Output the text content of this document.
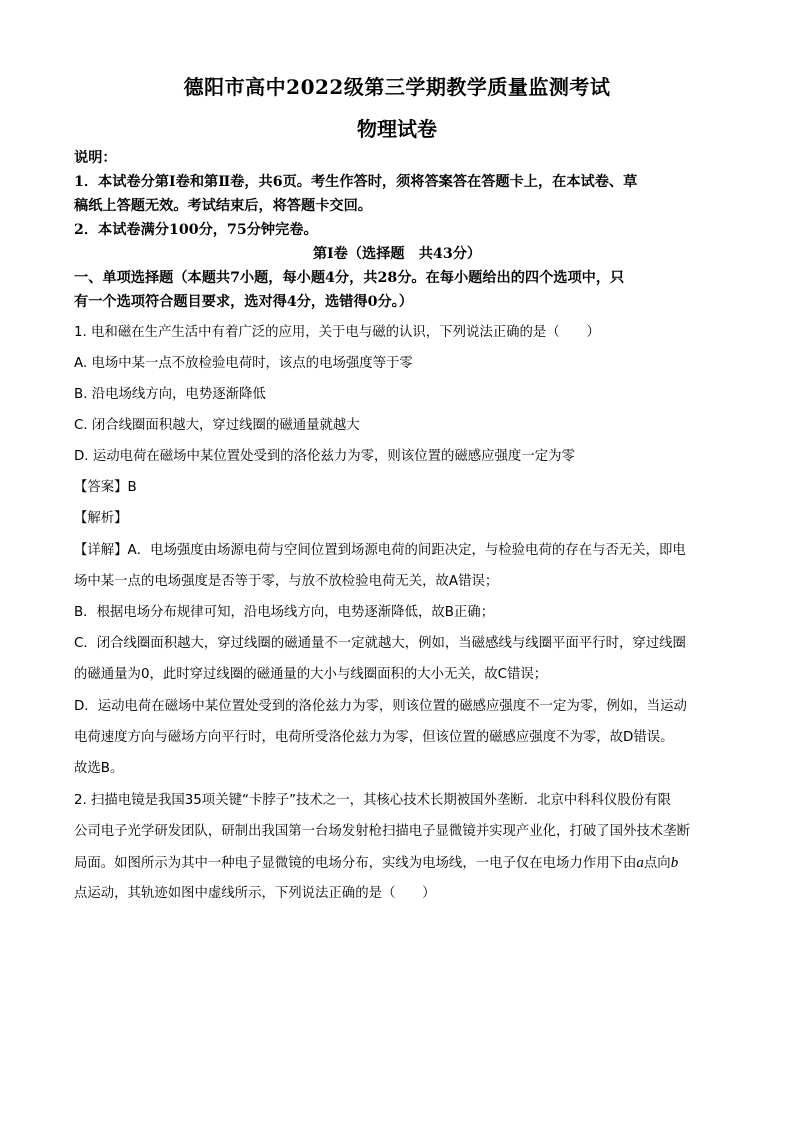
德阳市高中2022级第三学期教学质量监测考试
物理试卷
说明：
1．本试卷分第Ⅰ卷和第Ⅱ卷，共6页。考生作答时，须将答案答在答题卡上，在本试卷、草
稿纸上答题无效。考试结束后，将答题卡交回。
2．本试卷满分100分，75分钟完卷。
第Ⅰ卷（选择题　共43分）
一、单项选择题（本题共7小题，每小题4分，共28分。在每小题给出的四个选项中，只
有一个选项符合题目要求，选对得4分，选错得0分。）
1. 电和磁在生产生活中有着广泛的应用，关于电与磁的认识，下列说法正确的是（　　）
A. 电场中某一点不放检验电荷时，该点的电场强度等于零
B. 沿电场线方向，电势逐渐降低
C. 闭合线圈面积越大，穿过线圈的磁通量就越大
D. 运动电荷在磁场中某位置处受到的洛伦兹力为零，则该位置的磁感应强度一定为零
【答案】B
【解析】
【详解】A．电场强度由场源电荷与空间位置到场源电荷的间距决定，与检验电荷的存在与否无关，即电
场中某一点的电场强度是否等于零，与放不放检验电荷无关，故A错误；
B．根据电场分布规律可知，沿电场线方向，电势逐渐降低，故B正确；
C．闭合线圈面积越大，穿过线圈的磁通量不一定就越大，例如，当磁感线与线圈平面平行时，穿过线圈
的磁通量为0，此时穿过线圈的磁通量的大小与线圈面积的大小无关，故C错误；
D．运动电荷在磁场中某位置处受到的洛伦兹力为零，则该位置的磁感应强度不一定为零，例如，当运动
电荷速度方向与磁场方向平行时，电荷所受洛伦兹力为零，但该位置的磁感应强度不为零，故D错误。
故选B。
2. 扫描电镜是我国35项关键“卡脖子”技术之一，其核心技术长期被国外垄断．北京中科科仪股份有限
公司电子光学研发团队，研制出我国第一台场发射枪扫描电子显微镜并实现产业化，打破了国外技术垄断
局面。如图所示为其中一种电子显微镜的电场分布，实线为电场线，一电子仅在电场力作用下由a点向b
点运动，其轨迹如图中虚线所示，下列说法正确的是（　　）
